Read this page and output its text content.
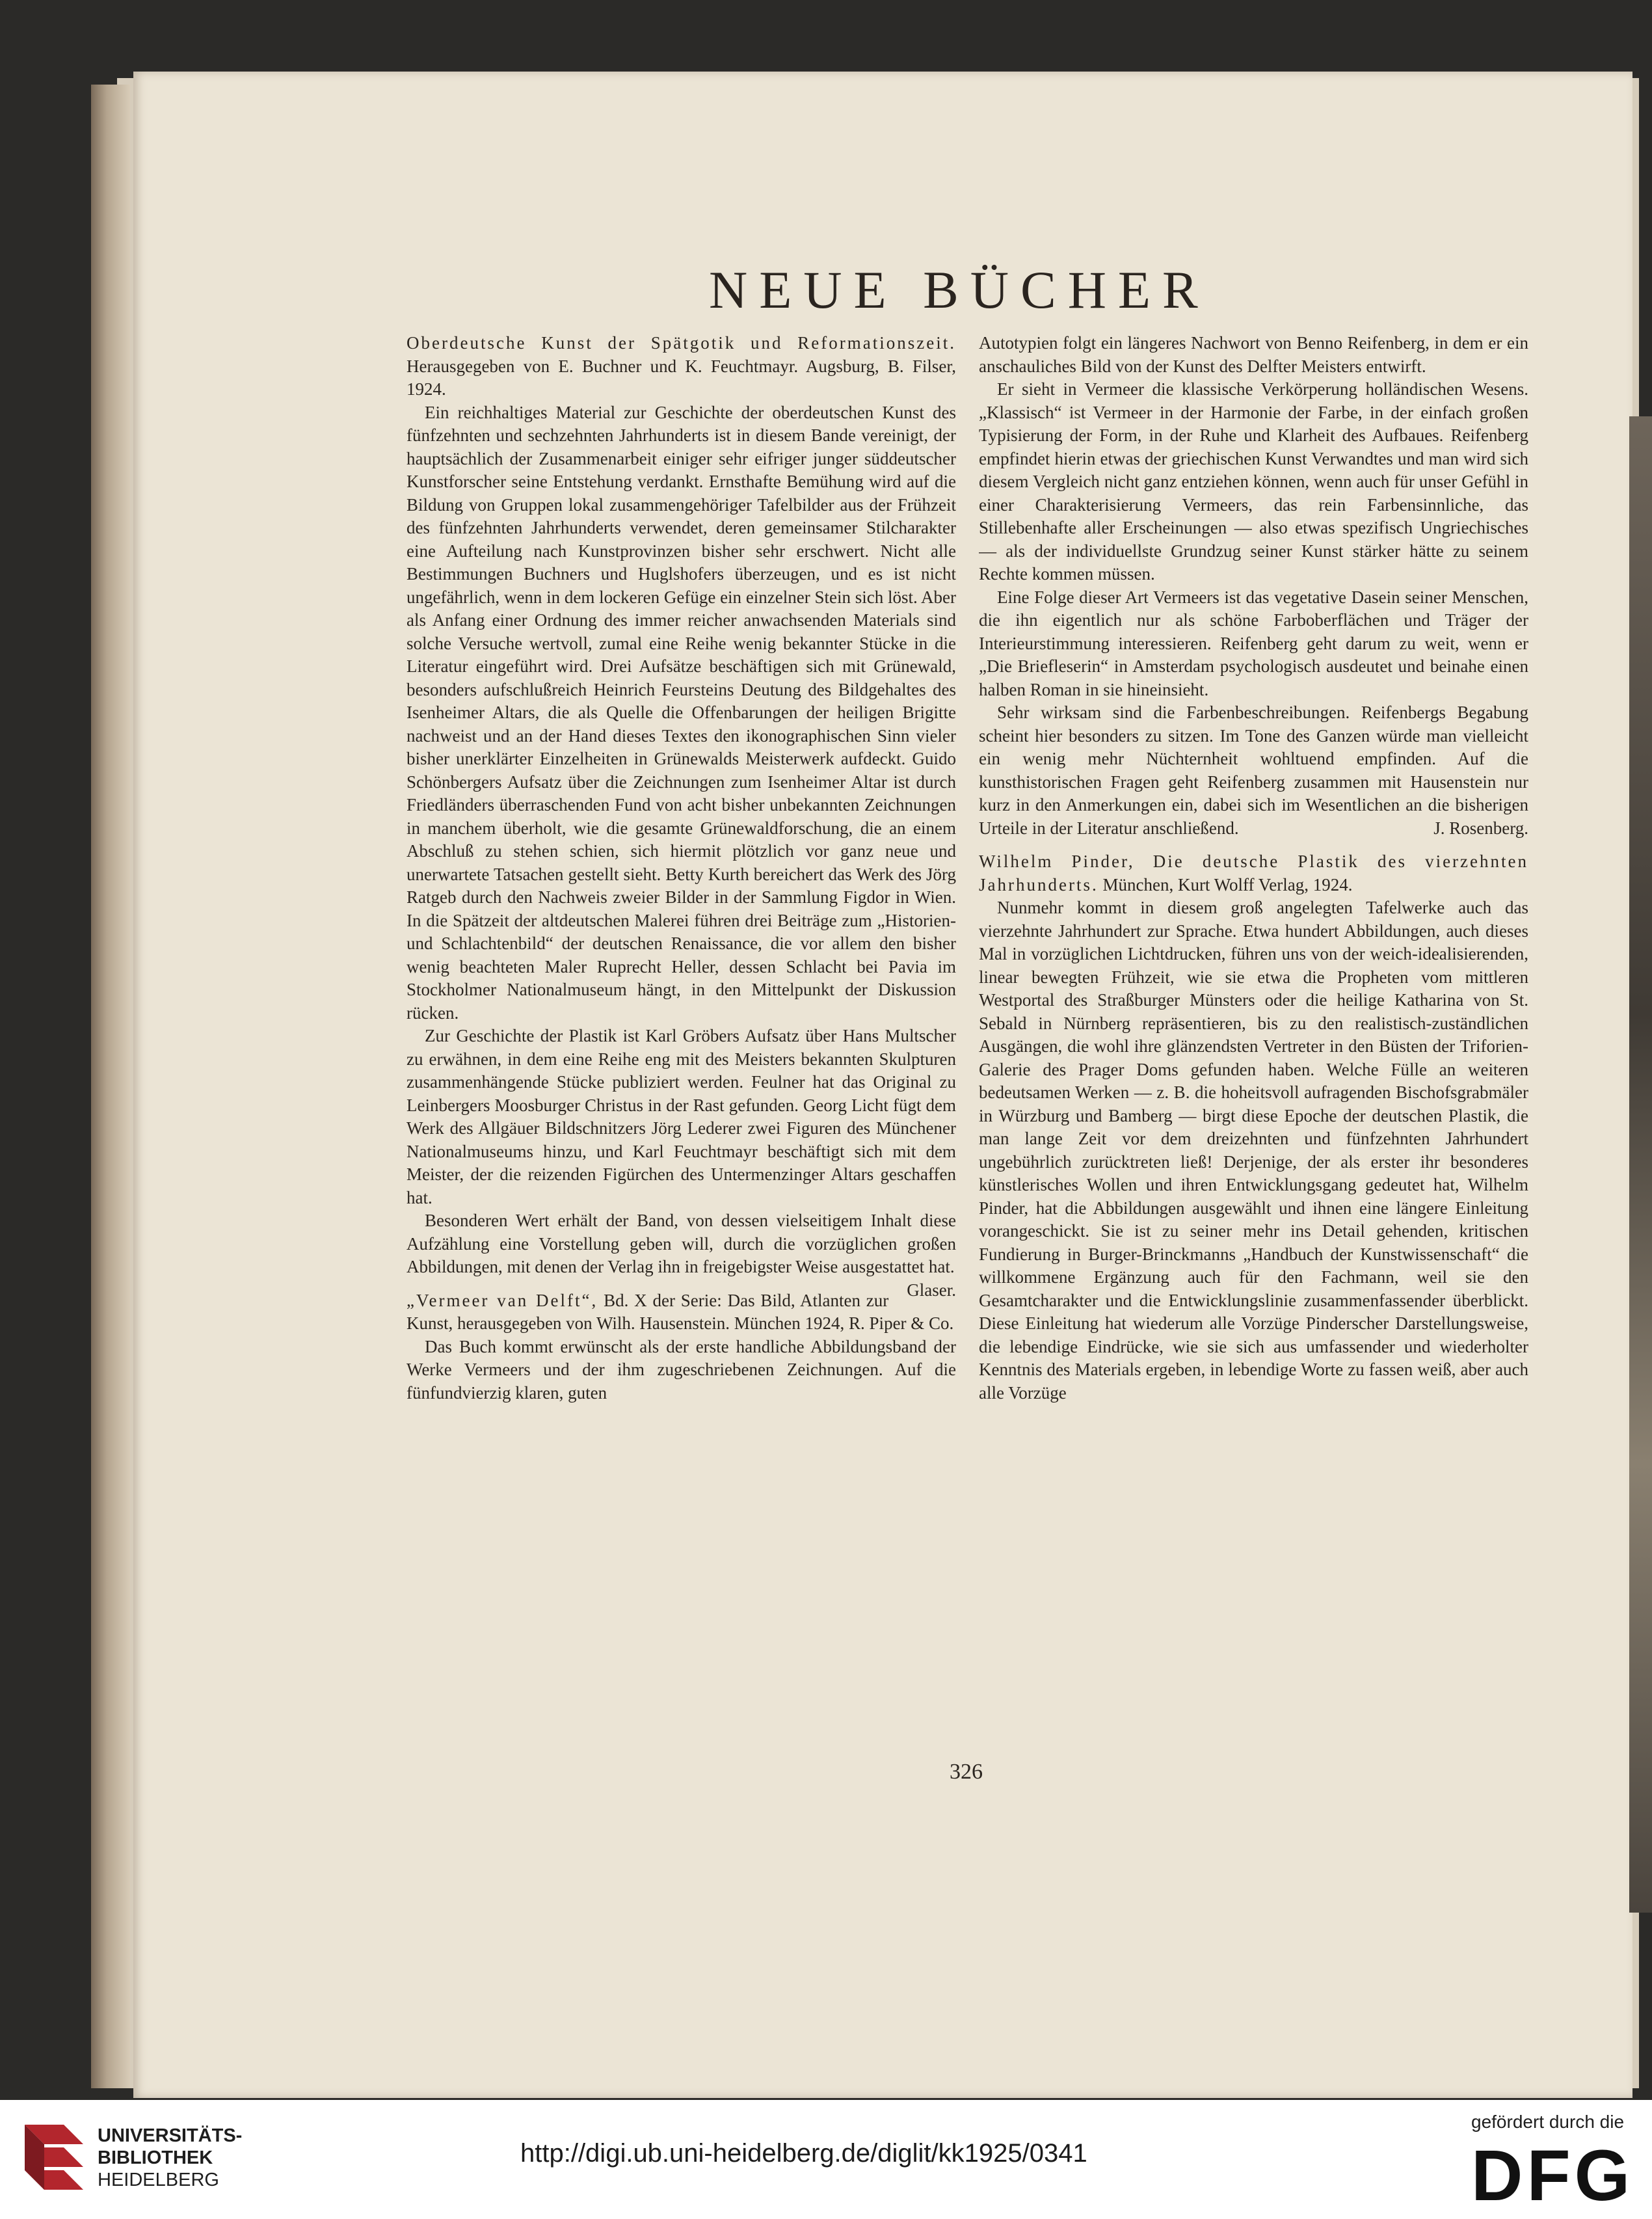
NEUE BÜCHER

Oberdeutsche Kunst der Spätgotik und Reformationszeit. Herausgegeben von E. Buchner und K. Feuchtmayr. Augsburg, B. Filser, 1924.

Ein reichhaltiges Material zur Geschichte der oberdeutschen Kunst des fünfzehnten und sechzehnten Jahrhunderts ist in diesem Bande vereinigt, der hauptsächlich der Zusammenarbeit einiger sehr eifriger junger süddeutscher Kunstforscher seine Entstehung verdankt. Ernsthafte Bemühung wird auf die Bildung von Gruppen lokal zusammengehöriger Tafelbilder aus der Frühzeit des fünfzehnten Jahrhunderts verwendet, deren gemeinsamer Stilcharakter eine Aufteilung nach Kunstprovinzen bisher sehr erschwert. Nicht alle Bestimmungen Buchners und Huglshofers überzeugen, und es ist nicht ungefährlich, wenn in dem lockeren Gefüge ein einzelner Stein sich löst. Aber als Anfang einer Ordnung des immer reicher anwachsenden Materials sind solche Versuche wertvoll, zumal eine Reihe wenig bekannter Stücke in die Literatur eingeführt wird. Drei Aufsätze beschäftigen sich mit Grünewald, besonders aufschlußreich Heinrich Feursteins Deutung des Bildgehaltes des Isenheimer Altars, die als Quelle die Offenbarungen der heiligen Brigitte nachweist und an der Hand dieses Textes den ikonographischen Sinn vieler bisher unerklärter Einzelheiten in Grünewalds Meisterwerk aufdeckt. Guido Schönbergers Aufsatz über die Zeichnungen zum Isenheimer Altar ist durch Friedländers überraschenden Fund von acht bisher unbekannten Zeichnungen in manchem überholt, wie die gesamte Grünewaldforschung, die an einem Abschluß zu stehen schien, sich hiermit plötzlich vor ganz neue und unerwartete Tatsachen gestellt sieht. Betty Kurth bereichert das Werk des Jörg Ratgeb durch den Nachweis zweier Bilder in der Sammlung Figdor in Wien. In die Spätzeit der altdeutschen Malerei führen drei Beiträge zum „Historien- und Schlachtenbild“ der deutschen Renaissance, die vor allem den bisher wenig beachteten Maler Ruprecht Heller, dessen Schlacht bei Pavia im Stockholmer Nationalmuseum hängt, in den Mittelpunkt der Diskussion rücken.

Zur Geschichte der Plastik ist Karl Gröbers Aufsatz über Hans Multscher zu erwähnen, in dem eine Reihe eng mit des Meisters bekannten Skulpturen zusammenhängende Stücke publiziert werden. Feulner hat das Original zu Leinbergers Moosburger Christus in der Rast gefunden. Georg Licht fügt dem Werk des Allgäuer Bildschnitzers Jörg Lederer zwei Figuren des Münchener Nationalmuseums hinzu, und Karl Feuchtmayr beschäftigt sich mit dem Meister, der die reizenden Figürchen des Untermenzinger Altars geschaffen hat.

Besonderen Wert erhält der Band, von dessen vielseitigem Inhalt diese Aufzählung eine Vorstellung geben will, durch die vorzüglichen großen Abbildungen, mit denen der Verlag ihn in freigebigster Weise ausgestattet hat.
Glaser.

„Vermeer van Delft“, Bd. X der Serie: Das Bild, Atlanten zur Kunst, herausgegeben von Wilh. Hausenstein. München 1924, R. Piper & Co.

Das Buch kommt erwünscht als der erste handliche Abbildungsband der Werke Vermeers und der ihm zugeschriebenen Zeichnungen. Auf die fünfundvierzig klaren, guten

Autotypien folgt ein längeres Nachwort von Benno Reifenberg, in dem er ein anschauliches Bild von der Kunst des Delfter Meisters entwirft.

Er sieht in Vermeer die klassische Verkörperung holländischen Wesens. „Klassisch“ ist Vermeer in der Harmonie der Farbe, in der einfach großen Typisierung der Form, in der Ruhe und Klarheit des Aufbaues. Reifenberg empfindet hierin etwas der griechischen Kunst Verwandtes und man wird sich diesem Vergleich nicht ganz entziehen können, wenn auch für unser Gefühl in einer Charakterisierung Vermeers, das rein Farbensinnliche, das Stillebenhafte aller Erscheinungen — also etwas spezifisch Ungriechisches — als der individuellste Grundzug seiner Kunst stärker hätte zu seinem Rechte kommen müssen.

Eine Folge dieser Art Vermeers ist das vegetative Dasein seiner Menschen, die ihn eigentlich nur als schöne Farboberflächen und Träger der Interieurstimmung interessieren. Reifenberg geht darum zu weit, wenn er „Die Briefleserin“ in Amsterdam psychologisch ausdeutet und beinahe einen halben Roman in sie hineinsieht.

Sehr wirksam sind die Farbenbeschreibungen. Reifenbergs Begabung scheint hier besonders zu sitzen. Im Tone des Ganzen würde man vielleicht ein wenig mehr Nüchternheit wohltuend empfinden. Auf die kunsthistorischen Fragen geht Reifenberg zusammen mit Hausenstein nur kurz in den Anmerkungen ein, dabei sich im Wesentlichen an die bisherigen Urteile in der Literatur anschließend.	J. Rosenberg.

Wilhelm Pinder, Die deutsche Plastik des vierzehnten Jahrhunderts. München, Kurt Wolff Verlag, 1924.

Nunmehr kommt in diesem groß angelegten Tafelwerke auch das vierzehnte Jahrhundert zur Sprache. Etwa hundert Abbildungen, auch dieses Mal in vorzüglichen Lichtdrucken, führen uns von der weich-idealisierenden, linear bewegten Frühzeit, wie sie etwa die Propheten vom mittleren Westportal des Straßburger Münsters oder die heilige Katharina von St. Sebald in Nürnberg repräsentieren, bis zu den realistisch-zuständlichen Ausgängen, die wohl ihre glänzendsten Vertreter in den Büsten der Triforien-Galerie des Prager Doms gefunden haben. Welche Fülle an weiteren bedeutsamen Werken — z. B. die hoheitsvoll aufragenden Bischofsgrabmäler in Würzburg und Bamberg — birgt diese Epoche der deutschen Plastik, die man lange Zeit vor dem dreizehnten und fünfzehnten Jahrhundert ungebührlich zurücktreten ließ! Derjenige, der als erster ihr besonderes künstlerisches Wollen und ihren Entwicklungsgang gedeutet hat, Wilhelm Pinder, hat die Abbildungen ausgewählt und ihnen eine längere Einleitung vorangeschickt. Sie ist zu seiner mehr ins Detail gehenden, kritischen Fundierung in Burger-Brinckmanns „Handbuch der Kunstwissenschaft“ die willkommene Ergänzung auch für den Fachmann, weil sie den Gesamtcharakter und die Entwicklungslinie zusammenfassender überblickt. Diese Einleitung hat wiederum alle Vorzüge Pinderscher Darstellungsweise, die lebendige Eindrücke, wie sie sich aus umfassender und wiederholter Kenntnis des Materials ergeben, in lebendige Worte zu fassen weiß, aber auch alle Vorzüge

326
UNIVERSITÄTS-
BIBLIOTHEK
HEIDELBERG
http://digi.ub.uni-heidelberg.de/diglit/kk1925/0341
gefördert durch die
DFG
